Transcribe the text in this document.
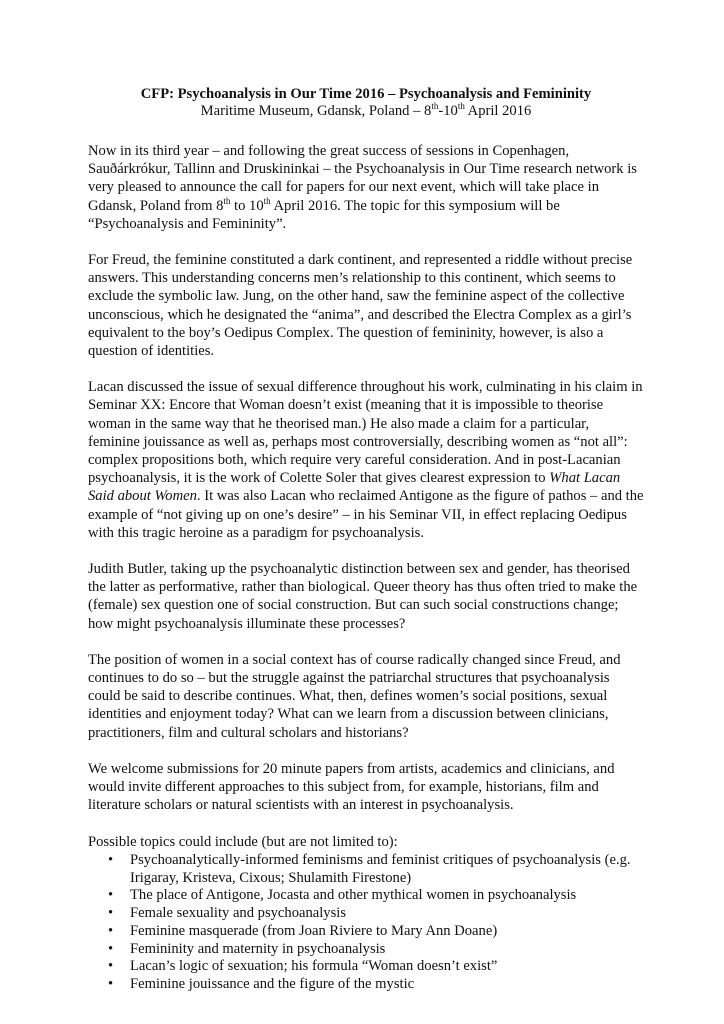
CFP: Psychoanalysis in Our Time 2016 – Psychoanalysis and Femininity
Maritime Museum, Gdansk, Poland – 8th-10th April 2016

Now in its third year – and following the great success of sessions in Copenhagen, Sauðárkrókur, Tallinn and Druskininkai – the Psychoanalysis in Our Time research network is very pleased to announce the call for papers for our next event, which will take place in Gdansk, Poland from 8th to 10th April 2016. The topic for this symposium will be “Psychoanalysis and Femininity”.

For Freud, the feminine constituted a dark continent, and represented a riddle without precise answers. This understanding concerns men’s relationship to this continent, which seems to exclude the symbolic law. Jung, on the other hand, saw the feminine aspect of the collective unconscious, which he designated the “anima”, and described the Electra Complex as a girl’s equivalent to the boy’s Oedipus Complex. The question of femininity, however, is also a question of identities.

Lacan discussed the issue of sexual difference throughout his work, culminating in his claim in Seminar XX: Encore that Woman doesn’t exist (meaning that it is impossible to theorise woman in the same way that he theorised man.) He also made a claim for a particular, feminine jouissance as well as, perhaps most controversially, describing women as “not all”: complex propositions both, which require very careful consideration. And in post-Lacanian psychoanalysis, it is the work of Colette Soler that gives clearest expression to What Lacan Said about Women. It was also Lacan who reclaimed Antigone as the figure of pathos – and the example of “not giving up on one’s desire” – in his Seminar VII, in effect replacing Oedipus with this tragic heroine as a paradigm for psychoanalysis.

Judith Butler, taking up the psychoanalytic distinction between sex and gender, has theorised the latter as performative, rather than biological. Queer theory has thus often tried to make the (female) sex question one of social construction. But can such social constructions change; how might psychoanalysis illuminate these processes?

The position of women in a social context has of course radically changed since Freud, and continues to do so – but the struggle against the patriarchal structures that psychoanalysis could be said to describe continues. What, then, defines women’s social positions, sexual identities and enjoyment today? What can we learn from a discussion between clinicians, practitioners, film and cultural scholars and historians?

We welcome submissions for 20 minute papers from artists, academics and clinicians, and would invite different approaches to this subject from, for example, historians, film and literature scholars or natural scientists with an interest in psychoanalysis.

Possible topics could include (but are not limited to):

• Psychoanalytically-informed feminisms and feminist critiques of psychoanalysis (e.g. Irigaray, Kristeva, Cixous; Shulamith Firestone)
• The place of Antigone, Jocasta and other mythical women in psychoanalysis
• Female sexuality and psychoanalysis
• Feminine masquerade (from Joan Riviere to Mary Ann Doane)
• Femininity and maternity in psychoanalysis
• Lacan’s logic of sexuation; his formula “Woman doesn’t exist”
• Feminine jouissance and the figure of the mystic
